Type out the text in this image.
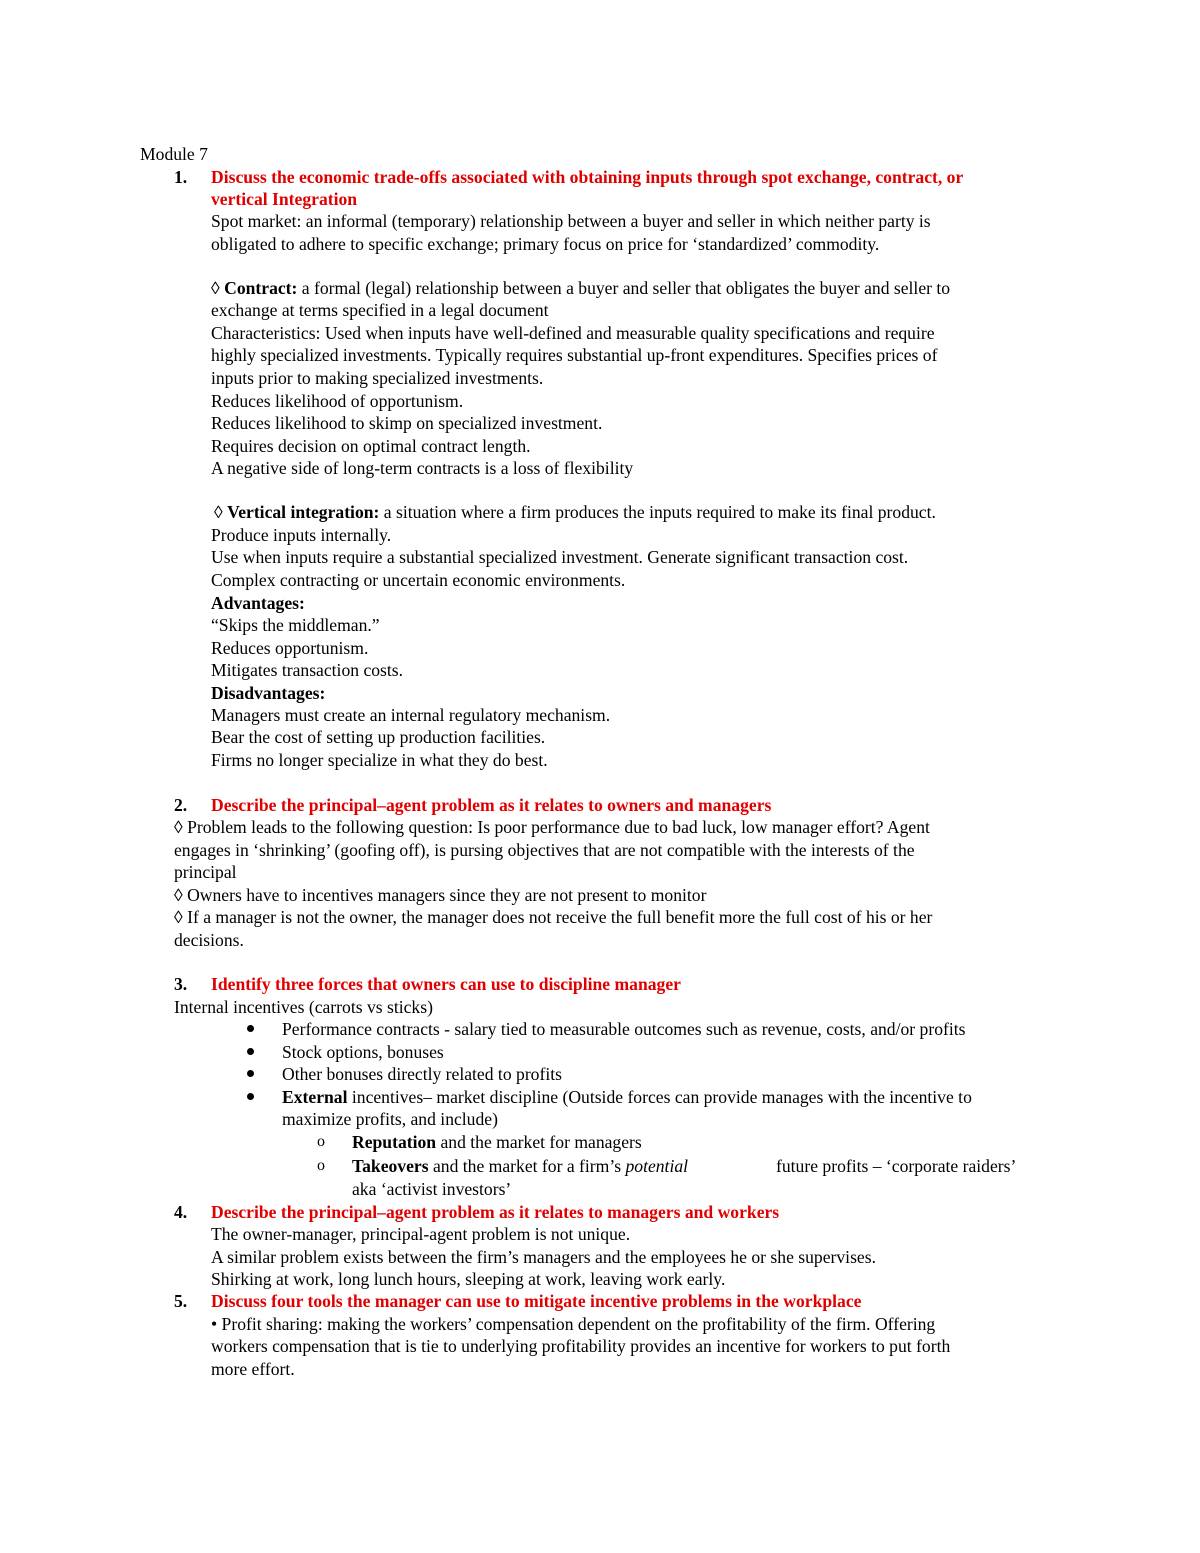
Module 7
1. Discuss the economic trade-offs associated with obtaining inputs through spot exchange, contract, or
vertical Integration
Spot market: an informal (temporary) relationship between a buyer and seller in which neither party is
obligated to adhere to specific exchange; primary focus on price for ‘standardized’ commodity.
◊ Contract: a formal (legal) relationship between a buyer and seller that obligates the buyer and seller to
exchange at terms specified in a legal document
Characteristics: Used when inputs have well-defined and measurable quality specifications and require
highly specialized investments. Typically requires substantial up-front expenditures. Specifies prices of
inputs prior to making specialized investments.
Reduces likelihood of opportunism.
Reduces likelihood to skimp on specialized investment.
Requires decision on optimal contract length.
A negative side of long-term contracts is a loss of flexibility
◊ Vertical integration: a situation where a firm produces the inputs required to make its final product.
Produce inputs internally.
Use when inputs require a substantial specialized investment. Generate significant transaction cost.
Complex contracting or uncertain economic environments.
Advantages:
“Skips the middleman.”
Reduces opportunism.
Mitigates transaction costs.
Disadvantages:
Managers must create an internal regulatory mechanism.
Bear the cost of setting up production facilities.
Firms no longer specialize in what they do best.
2. Describe the principal–agent problem as it relates to owners and managers
◊ Problem leads to the following question: Is poor performance due to bad luck, low manager effort? Agent
engages in ‘shrinking’ (goofing off), is pursing objectives that are not compatible with the interests of the
principal
◊ Owners have to incentives managers since they are not present to monitor
◊ If a manager is not the owner, the manager does not receive the full benefit more the full cost of his or her
decisions.
3. Identify three forces that owners can use to discipline manager
Internal incentives (carrots vs sticks)
Performance contracts - salary tied to measurable outcomes such as revenue, costs, and/or profits
Stock options, bonuses
Other bonuses directly related to profits
External incentives– market discipline (Outside forces can provide manages with the incentive to
maximize profits, and include)
o Reputation and the market for managers
o Takeovers and the market for a firm’s potential	future profits – ‘corporate raiders’
aka ‘activist investors’
4. Describe the principal–agent problem as it relates to managers and workers
The owner-manager, principal-agent problem is not unique.
A similar problem exists between the firm’s managers and the employees he or she supervises.
Shirking at work, long lunch hours, sleeping at work, leaving work early.
5. Discuss four tools the manager can use to mitigate incentive problems in the workplace
• Profit sharing: making the workers’ compensation dependent on the profitability of the firm. Offering
workers compensation that is tie to underlying profitability provides an incentive for workers to put forth
more effort.
